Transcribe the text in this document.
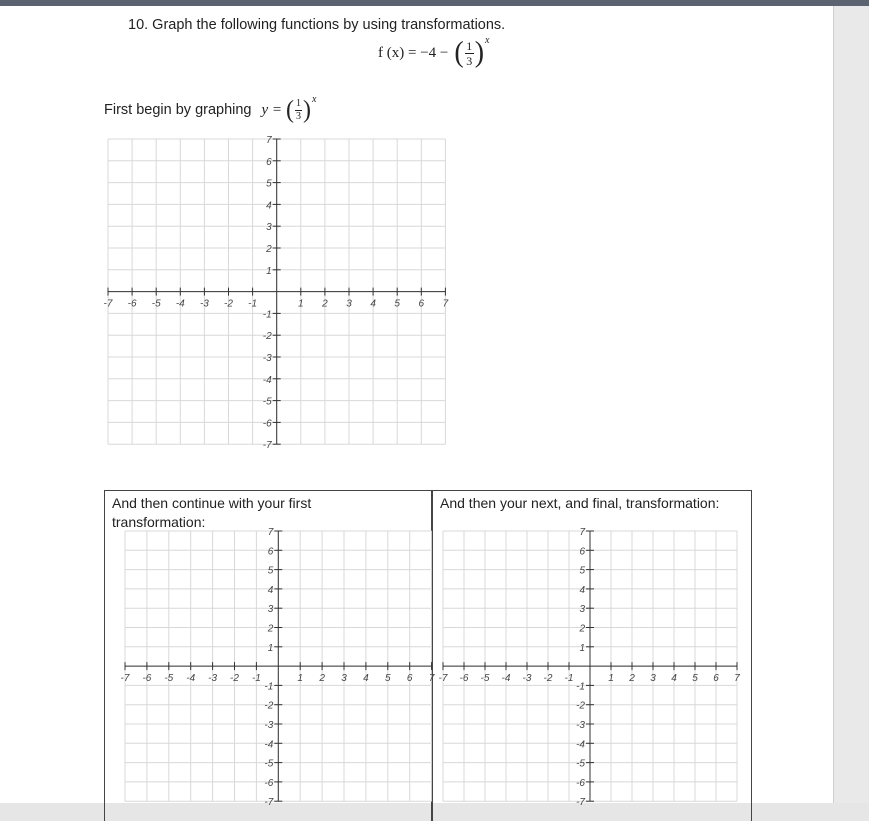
10. Graph the following functions by using transformations.
f (x) = −4 − ( $\frac{1}{3}$ ) x
First begin by graphing y = ( $\frac{1}{3}$ ) x
-7 -6 -5 -4 -3 -2 -1	1 2 3 4 5 6 7
7
6
5
4
3
2
1
-1
-2
-3
-4
-5
-6
-7
And then continue with your first transformation:
-7 -6 -5 -4 -3 -2 -1	1 2 3 4 5 6 7
7
6
5
4
3
2
1
-1
-2
-3
-4
-5
-6
-7
And then your next, and final, transformation:
-7 -6 -5 -4 -3 -2 -1	1 2 3 4 5 6 7
7
6
5
4
3
2
1
-1
-2
-3
-4
-5
-6
-7
